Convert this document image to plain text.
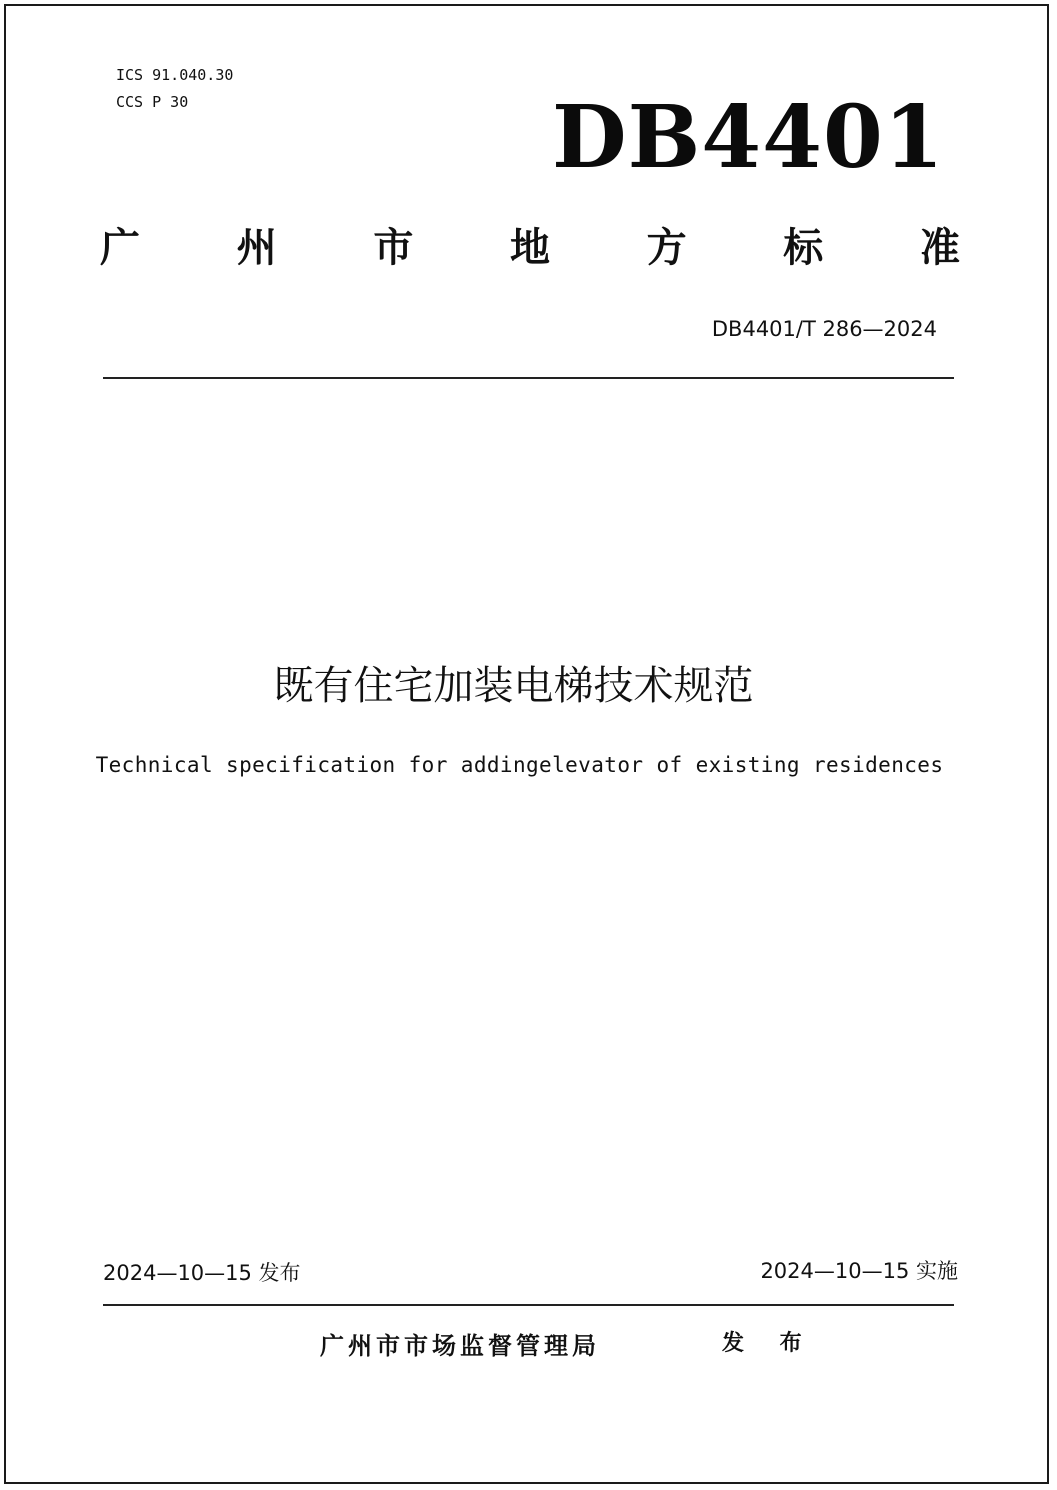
ICS 91.040.30
CCS P 30	DB4401
广 州 市 地 方 标 准
DB4401/T 286—2024
既有住宅加装电梯技术规范
Technical specification for addingelevator of existing residences
2024—10—15 发布	2024—10—15 实施
广州市市场监督管理局	发 布
